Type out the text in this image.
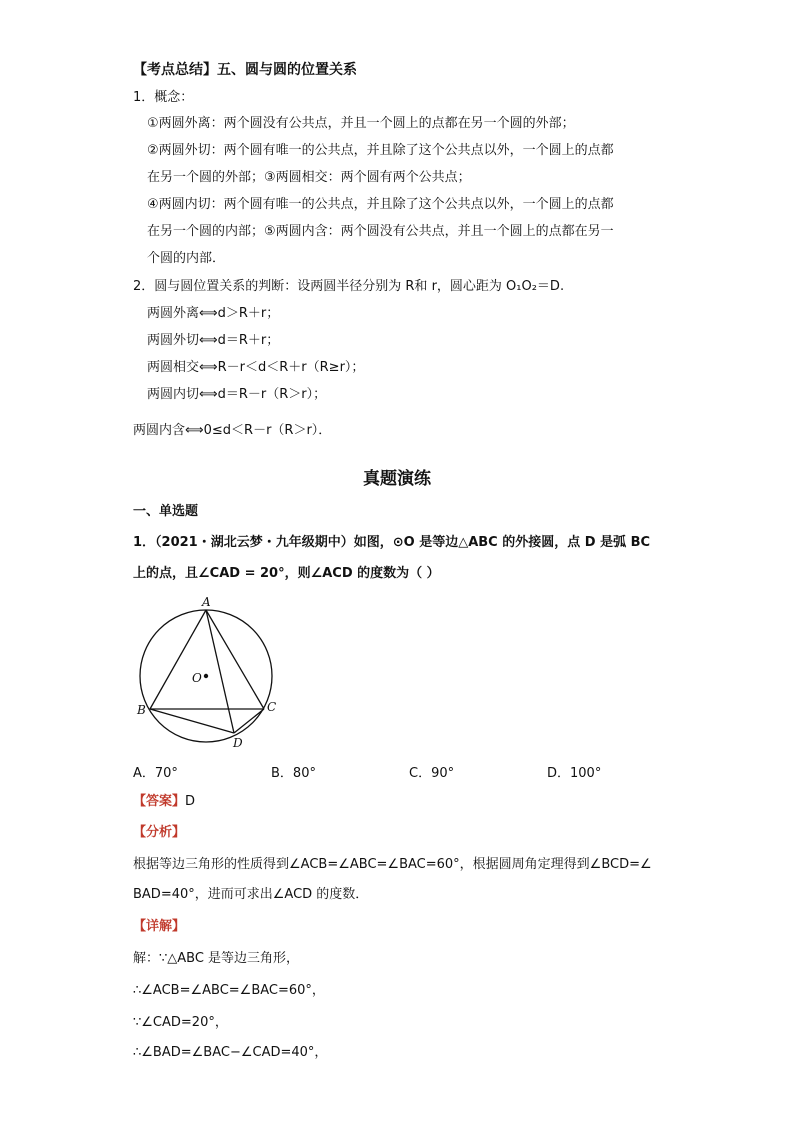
【考点总结】五、圆与圆的位置关系
1．概念：
①两圆外离：两个圆没有公共点，并且一个圆上的点都在另一个圆的外部；
②两圆外切：两个圆有唯一的公共点，并且除了这个公共点以外，一个圆上的点都
在另一个圆的外部；③两圆相交：两个圆有两个公共点；
④两圆内切：两个圆有唯一的公共点，并且除了这个公共点以外，一个圆上的点都
在另一个圆的内部；⑤两圆内含：两个圆没有公共点，并且一个圆上的点都在另一
个圆的内部．
2．圆与圆位置关系的判断：设两圆半径分别为 R和 r，圆心距为 O₁O₂＝D.
两圆外离⟺d＞R＋r；
两圆外切⟺d＝R＋r；
两圆相交⟺R－r＜d＜R＋r（R≥r）；
两圆内切⟺d＝R－r（R＞r）；
两圆内含⟺0≤d＜R－r（R＞r）．
真题演练
一、单选题
1．（2021・湖北云梦・九年级期中）如图，⊙O 是等边△ABC 的外接圆，点 D 是弧 BC
上的点，且∠CAD = 20°，则∠ACD 的度数为（ ）
A
B	C
D
O
A．70°	B．80°	C．90°	D．100°
【答案】D
【分析】
根据等边三角形的性质得到∠ACB=∠ABC=∠BAC=60°，根据圆周角定理得到∠BCD=∠
BAD=40°，进而可求出∠ACD 的度数．
【详解】
解：∵△ABC 是等边三角形，
∴∠ACB=∠ABC=∠BAC=60°，
∵∠CAD=20°，
∴∠BAD=∠BAC−∠CAD=40°，
